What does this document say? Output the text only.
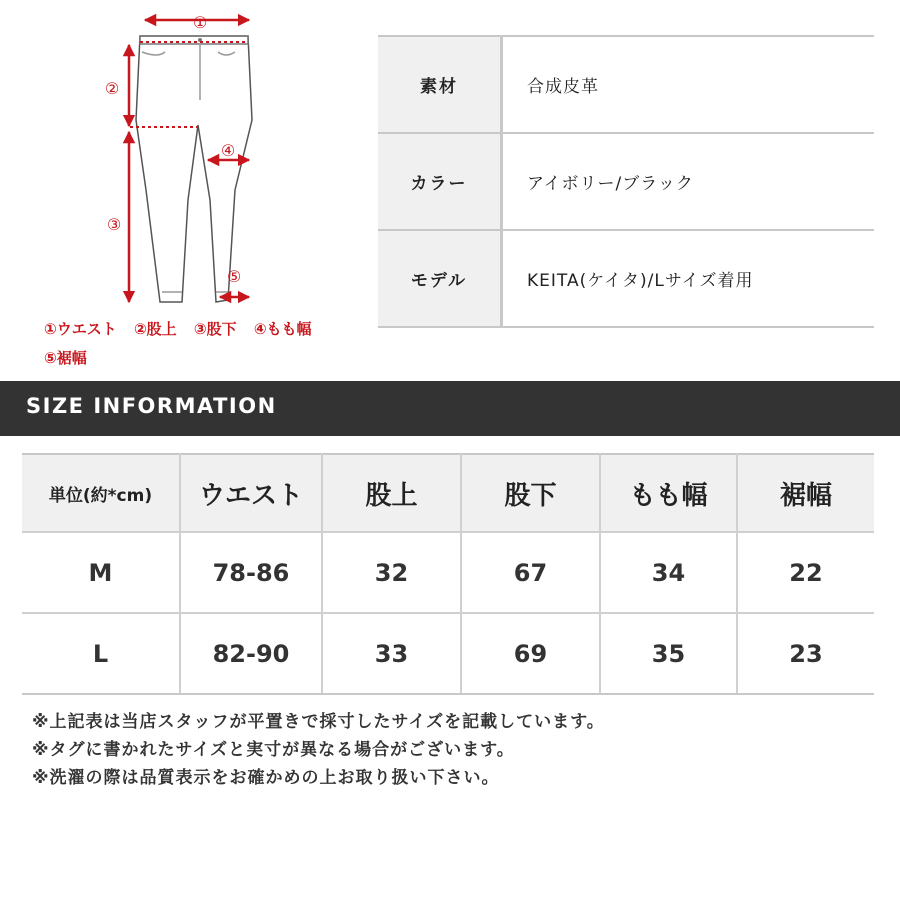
①
②
③
④
⑤
①ウエスト ②股上 ③股下 ④もも幅
⑤裾幅
素材	合成皮革
カラー	アイボリー/ブラック
モデル	KEITA(ケイタ)/Lサイズ着用
SIZE INFORMATION
単位(約*cm)	ウエスト	股上	股下	もも幅	裾幅
M	78-86	32	67	34	22
L	82-90	33	69	35	23
※上記表は当店スタッフが平置きで採寸したサイズを記載しています。
※タグに書かれたサイズと実寸が異なる場合がございます。
※洗濯の際は品質表示をお確かめの上お取り扱い下さい。
